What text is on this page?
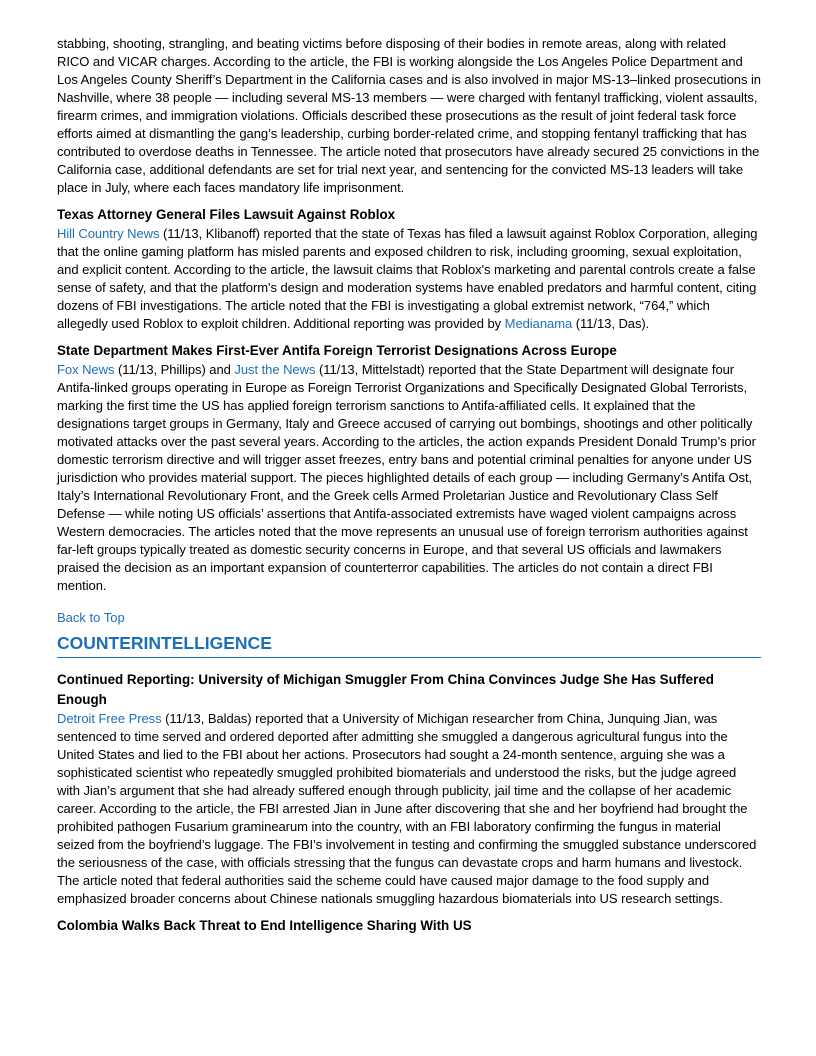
stabbing, shooting, strangling, and beating victims before disposing of their bodies in remote areas, along with related RICO and VICAR charges. According to the article, the FBI is working alongside the Los Angeles Police Department and Los Angeles County Sheriff’s Department in the California cases and is also involved in major MS-13–linked prosecutions in Nashville, where 38 people — including several MS-13 members — were charged with fentanyl trafficking, violent assaults, firearm crimes, and immigration violations. Officials described these prosecutions as the result of joint federal task force efforts aimed at dismantling the gang’s leadership, curbing border-related crime, and stopping fentanyl trafficking that has contributed to overdose deaths in Tennessee. The article noted that prosecutors have already secured 25 convictions in the California case, additional defendants are set for trial next year, and sentencing for the convicted MS-13 leaders will take place in July, where each faces mandatory life imprisonment.

Texas Attorney General Files Lawsuit Against Roblox

Hill Country News (11/13, Klibanoff) reported that the state of Texas has filed a lawsuit against Roblox Corporation, alleging that the online gaming platform has misled parents and exposed children to risk, including grooming, sexual exploitation, and explicit content. According to the article, the lawsuit claims that Roblox's marketing and parental controls create a false sense of safety, and that the platform's design and moderation systems have enabled predators and harmful content, citing dozens of FBI investigations. The article noted that the FBI is investigating a global extremist network, “764,” which allegedly used Roblox to exploit children. Additional reporting was provided by Medianama (11/13, Das).

State Department Makes First-Ever Antifa Foreign Terrorist Designations Across Europe

Fox News (11/13, Phillips) and Just the News (11/13, Mittelstadt) reported that the State Department will designate four Antifa-linked groups operating in Europe as Foreign Terrorist Organizations and Specifically Designated Global Terrorists, marking the first time the US has applied foreign terrorism sanctions to Antifa-affiliated cells. It explained that the designations target groups in Germany, Italy and Greece accused of carrying out bombings, shootings and other politically motivated attacks over the past several years. According to the articles, the action expands President Donald Trump’s prior domestic terrorism directive and will trigger asset freezes, entry bans and potential criminal penalties for anyone under US jurisdiction who provides material support. The pieces highlighted details of each group — including Germany’s Antifa Ost, Italy’s International Revolutionary Front, and the Greek cells Armed Proletarian Justice and Revolutionary Class Self Defense — while noting US officials’ assertions that Antifa-associated extremists have waged violent campaigns across Western democracies. The articles noted that the move represents an unusual use of foreign terrorism authorities against far-left groups typically treated as domestic security concerns in Europe, and that several US officials and lawmakers praised the decision as an important expansion of counterterror capabilities. The articles do not contain a direct FBI mention.

Back to Top
COUNTERINTELLIGENCE
Continued Reporting: University of Michigan Smuggler From China Convinces Judge She Has Suffered Enough

Detroit Free Press (11/13, Baldas) reported that a University of Michigan researcher from China, Junquing Jian, was sentenced to time served and ordered deported after admitting she smuggled a dangerous agricultural fungus into the United States and lied to the FBI about her actions. Prosecutors had sought a 24-month sentence, arguing she was a sophisticated scientist who repeatedly smuggled prohibited biomaterials and understood the risks, but the judge agreed with Jian’s argument that she had already suffered enough through publicity, jail time and the collapse of her academic career. According to the article, the FBI arrested Jian in June after discovering that she and her boyfriend had brought the prohibited pathogen Fusarium graminearum into the country, with an FBI laboratory confirming the fungus in material seized from the boyfriend’s luggage. The FBI’s involvement in testing and confirming the smuggled substance underscored the seriousness of the case, with officials stressing that the fungus can devastate crops and harm humans and livestock. The article noted that federal authorities said the scheme could have caused major damage to the food supply and emphasized broader concerns about Chinese nationals smuggling hazardous biomaterials into US research settings.

Colombia Walks Back Threat to End Intelligence Sharing With US
